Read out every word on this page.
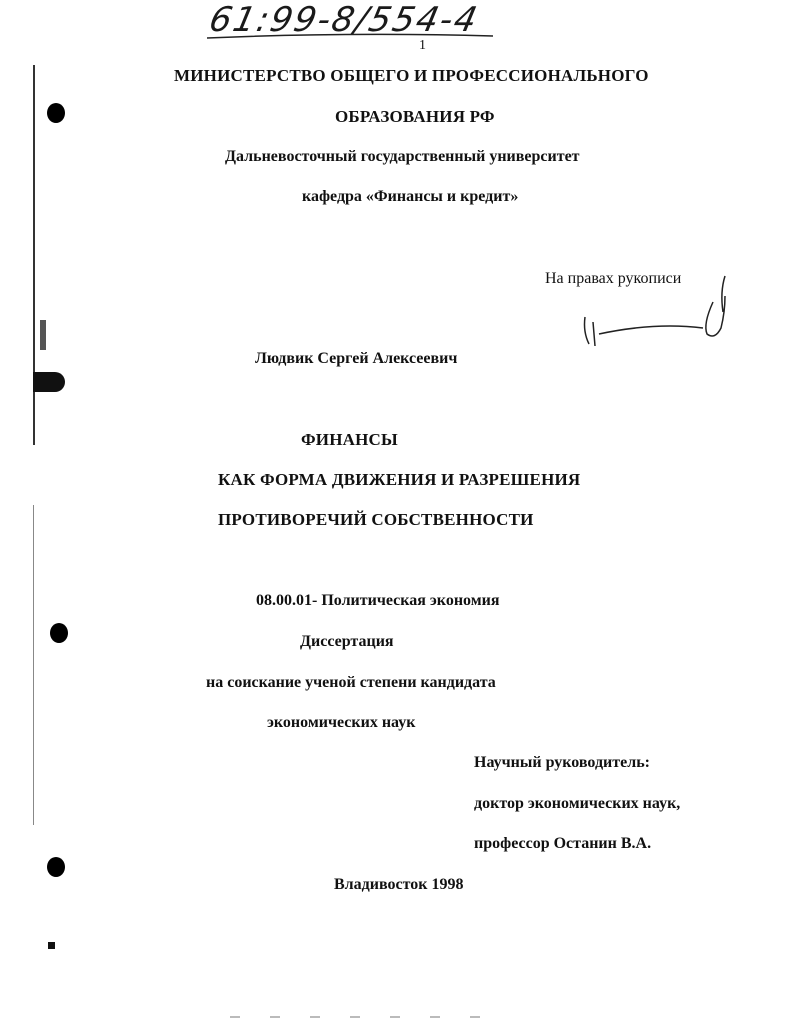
61:99-8/554-4
1
МИНИСТЕРСТВО ОБЩЕГО И ПРОФЕССИОНАЛЬНОГО
ОБРАЗОВАНИЯ РФ
Дальневосточный государственный университет
кафедра «Финансы и кредит»
На правах рукописи
Людвик Сергей Алексеевич
ФИНАНСЫ
КАК ФОРМА ДВИЖЕНИЯ И РАЗРЕШЕНИЯ
ПРОТИВОРЕЧИЙ СОБСТВЕННОСТИ
08.00.01- Политическая экономия
Диссертация
на соискание ученой степени кандидата
экономических наук
Научный руководитель:
доктор экономических наук,
профессор Останин В.А.
Владивосток 1998
